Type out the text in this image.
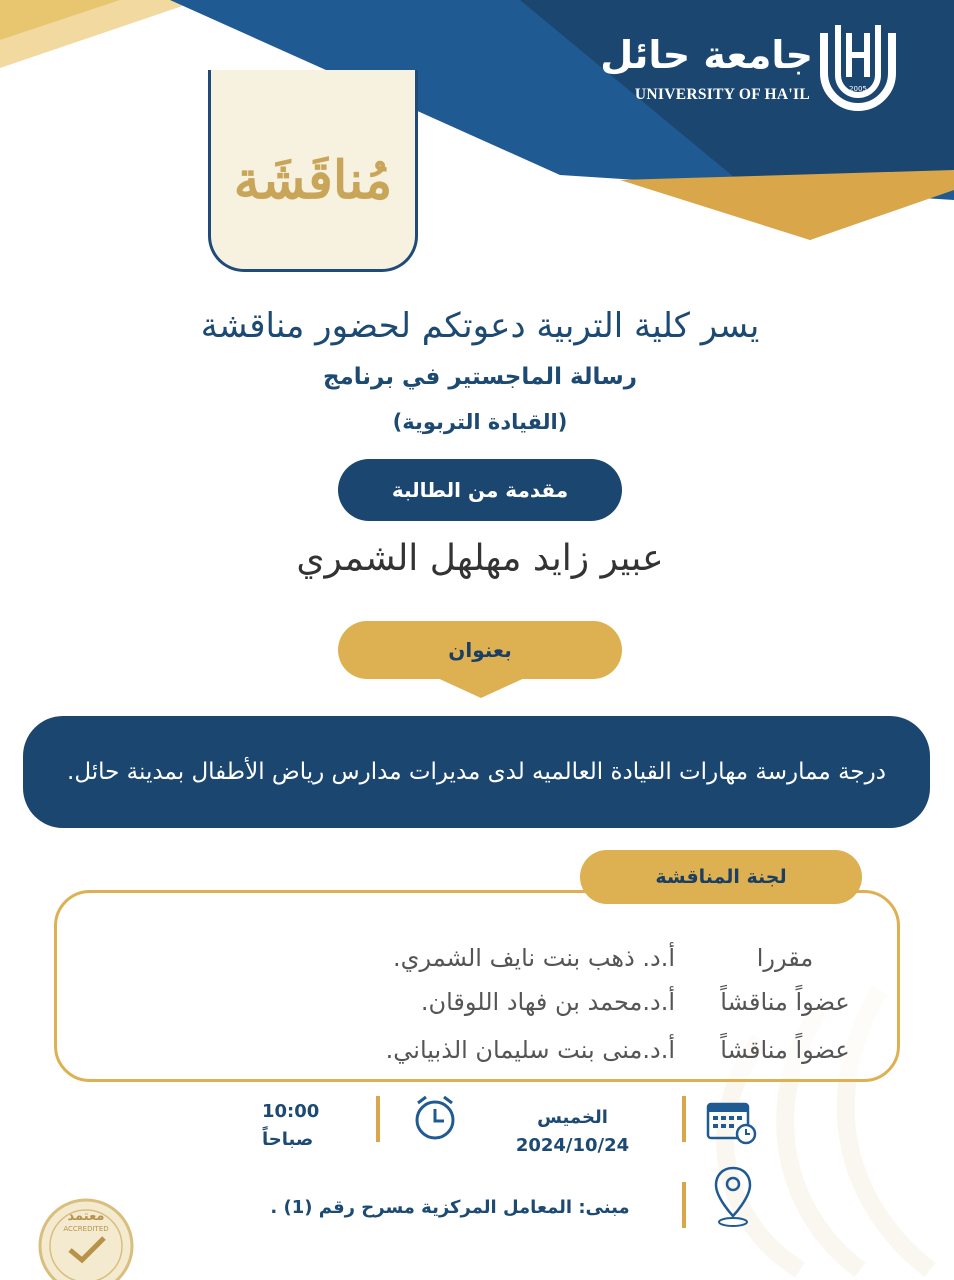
جامعة حائل
UNIVERSITY OF HA'IL	2005
مُناقَشَة
يسر كلية التربية دعوتكم لحضور مناقشة
رسالة الماجستير في برنامج
(القيادة التربوية)
مقدمة من الطالبة
عبير زايد مهلهل الشمري
بعنوان
درجة ممارسة مهارات القيادة العالميه لدى مديرات مدارس رياض الأطفال بمدينة حائل.
لجنة المناقشة
مقررا
أ.د. ذهب بنت نايف الشمري.
عضواً مناقشاً
أ.د.محمد بن فهاد اللوقان.
عضواً مناقشاً
أ.د.منى بنت سليمان الذبياني.
10:00
صباحاً
الخميس
2024/10/24
مبنى: المعامل المركزية مسرح رقم (1) .
معتمد
ACCREDITED
